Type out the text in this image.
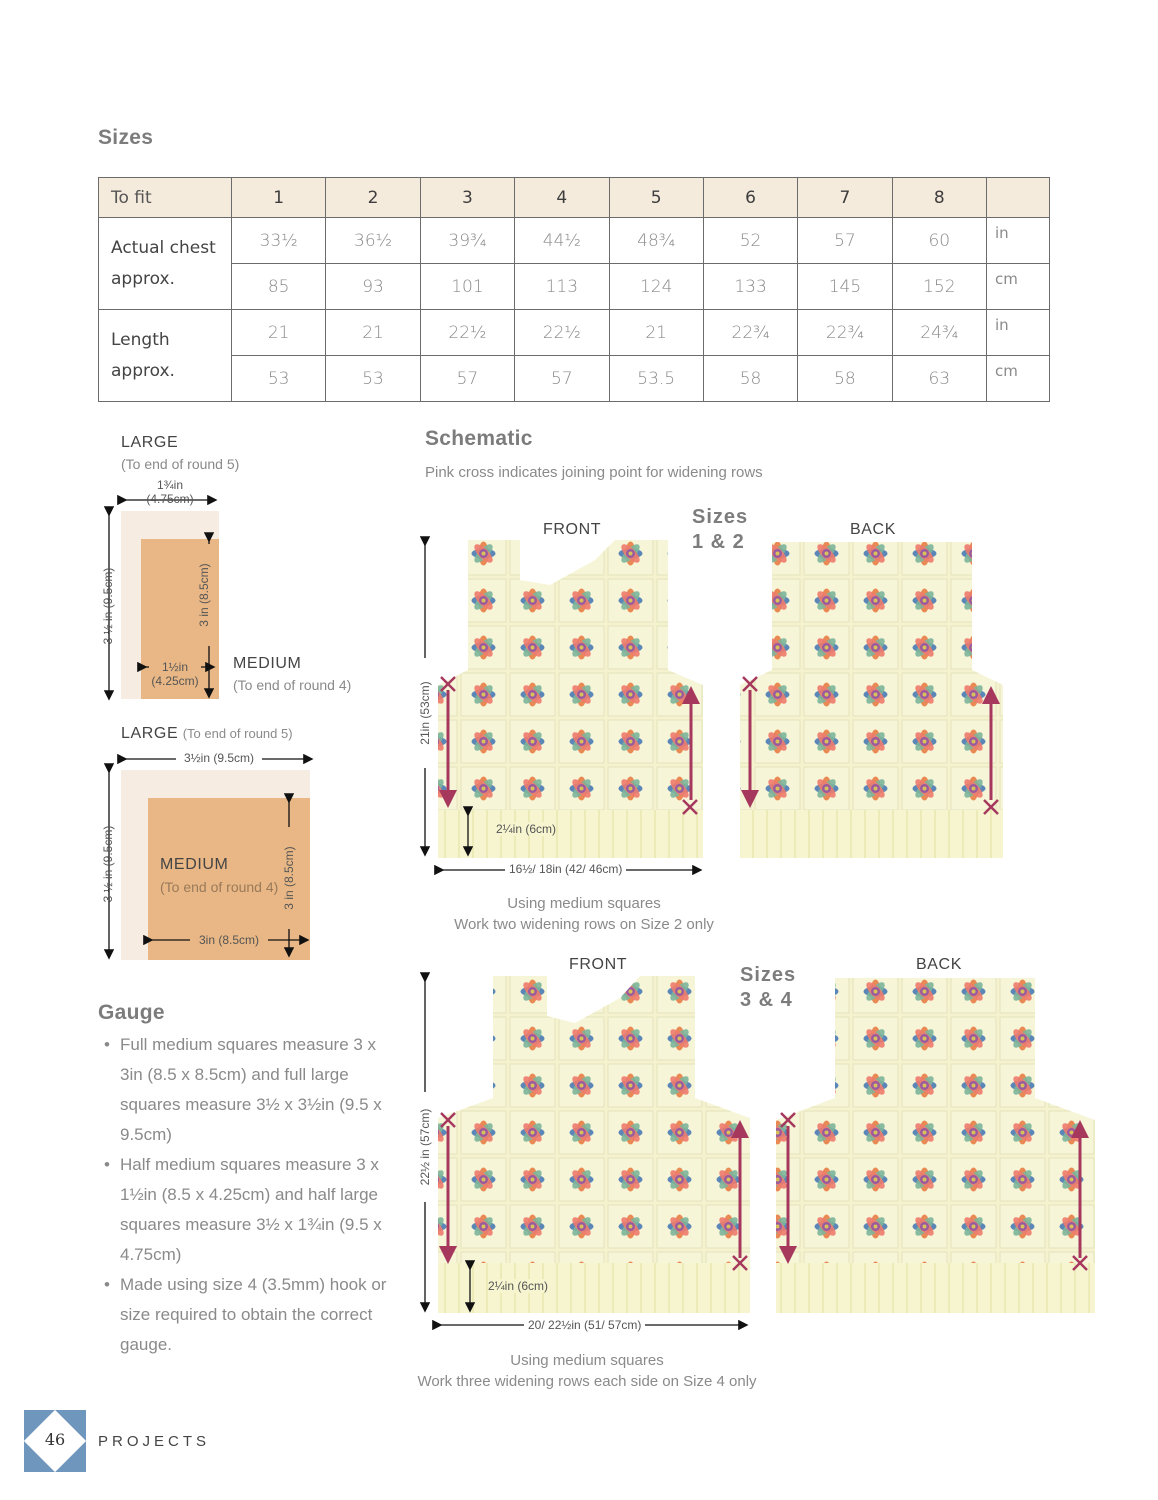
Sizes
To fit	1	2	3	4	5	6	7	8	

Actual chest
approx.	33½	36½	39¾	44½	48¾	52	57	60	in
	85	93	101	113	124	133	145	152	cm

Length
approx.	21	21	22½	22½	21	22¾	22¾	24¾	in
	53	53	57	57	53.5	58	58	63	cm
LARGE
(To end of round 5)
1¾in
(4.75cm)
3 ½ in (9.5cm)	3 in (8.5cm)
1½in
(4.25cm)
MEDIUM
(To end of round 4)
LARGE (To end of round 5)
3½in (9.5cm)
3 ½ in (9.5cm)	MEDIUM
(To end of round 4) 3 in (8.5cm)
3in (8.5cm)
Gauge
• Full medium squares measure 3 x 3in (8.5 x 8.5cm) and full large squares measure 3½ x 3½in (9.5 x 9.5cm)
• Half medium squares measure 3 x 1½in (8.5 x 4.25cm) and half large squares measure 3½ x 1¾in (9.5 x 4.75cm)
• Made using size 4 (3.5mm) hook or size required to obtain the correct gauge.
Schematic
Pink cross indicates joining point for widening rows
FRONT	BACK
Sizes
1 & 2
21in (53cm)
2¼in (6cm)
16½/ 18in (42/ 46cm)
Using medium squares
Work two widening rows on Size 2 only
FRONT	BACK
Sizes
3 & 4
22½ in (57cm)
2¼in (6cm)
20/ 22½in (51/ 57cm)
Using medium squares
Work three widening rows each side on Size 4 only
46	PROJECTS
